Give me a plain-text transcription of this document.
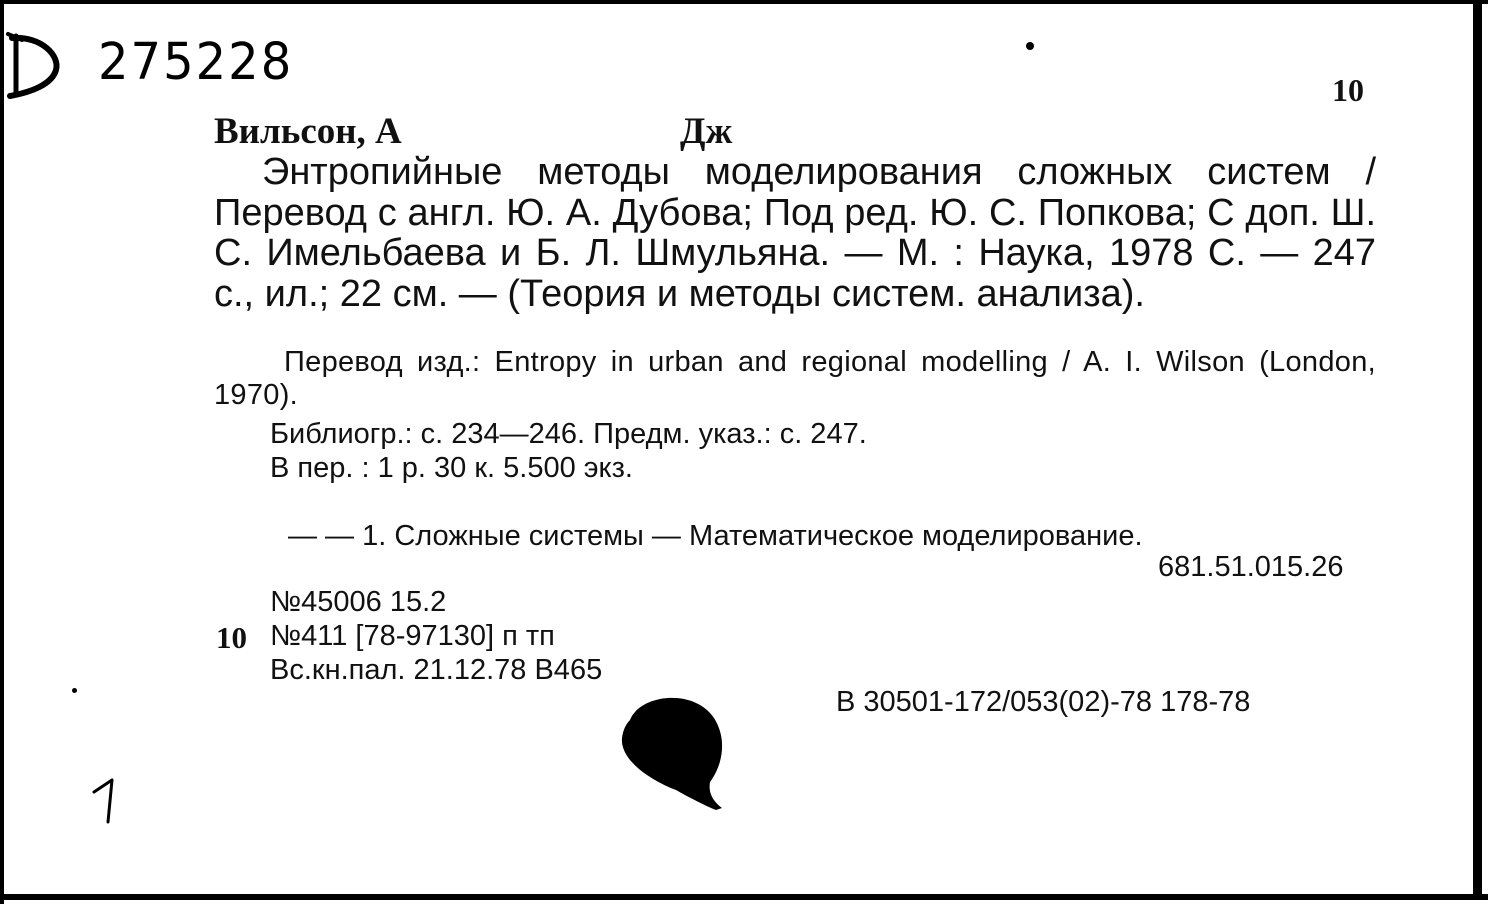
275228	10
Вильсон, А	Дж
Энтропийные методы моделирования сложных систем / Перевод с англ. Ю. А. Дубова; Под ред. Ю. С. Попкова; С доп. Ш. С. Имельбаева и Б. Л. Шмульяна. — М. : Наука, 1978 С. — 247 с., ил.; 22 см. — (Теория и методы систем. анализа).
Перевод изд.: Entropy in urban and regional modelling / A. I. Wilson (London, 1970).
Библиогр.: с. 234—246. Предм. указ.: с. 247.
В пер. : 1 р. 30 к. 5.500 экз.
— — 1. Сложные системы — Математическое моделирование.
681.51.015.26
№45006 15.2
10 №411 [78-97130] п тп
Вс.кн.пал. 21.12.78 В465
В 30501-172/053(02)-78 178-78
